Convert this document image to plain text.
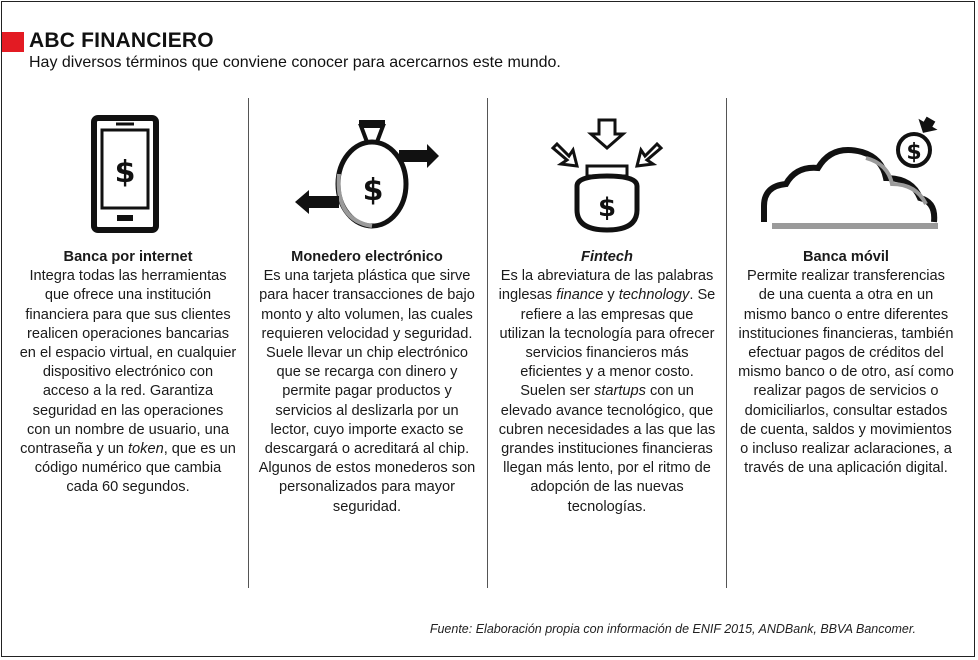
ABC FINANCIERO
Hay diversos términos que conviene conocer para acercarnos este mundo.
$
Banca por internet
Integra todas las herramientas que ofrece una institución financiera para que sus clientes realicen operaciones bancarias en el espacio virtual, en cualquier dispositivo electrónico con acceso a la red. Garantiza seguridad en las operaciones con un nombre de usuario, una contraseña y un token, que es un código numérico que cambia cada 60 segundos.
$
Monedero electrónico
Es una tarjeta plástica que sirve para hacer transacciones de bajo monto y alto volumen, las cuales requieren velocidad y seguridad. Suele llevar un chip electrónico que se recarga con dinero y permite pagar productos y servicios al deslizarla por un lector, cuyo importe exacto se descargará o acreditará al chip. Algunos de estos monederos son personalizados para mayor seguridad.
$
Fintech
Es la abreviatura de las palabras inglesas finance y technology. Se refiere a las empresas que utilizan la tecnología para ofrecer servicios financieros más eficientes y a menor costo. Suelen ser startups con un elevado avance tecnológico, que cubren necesidades a las que las grandes instituciones financieras llegan más lento, por el ritmo de adopción de las nuevas tecnologías.
$
Banca móvil
Permite realizar transferencias de una cuenta a otra en un mismo banco o entre diferentes instituciones financieras, también efectuar pagos de créditos del mismo banco o de otro, así como realizar pagos de servicios o domiciliarlos, consultar estados de cuenta, saldos y movimientos o incluso realizar aclaraciones, a través de una aplicación digital.
Fuente: Elaboración propia con información de ENIF 2015, ANDBank, BBVA Bancomer.
